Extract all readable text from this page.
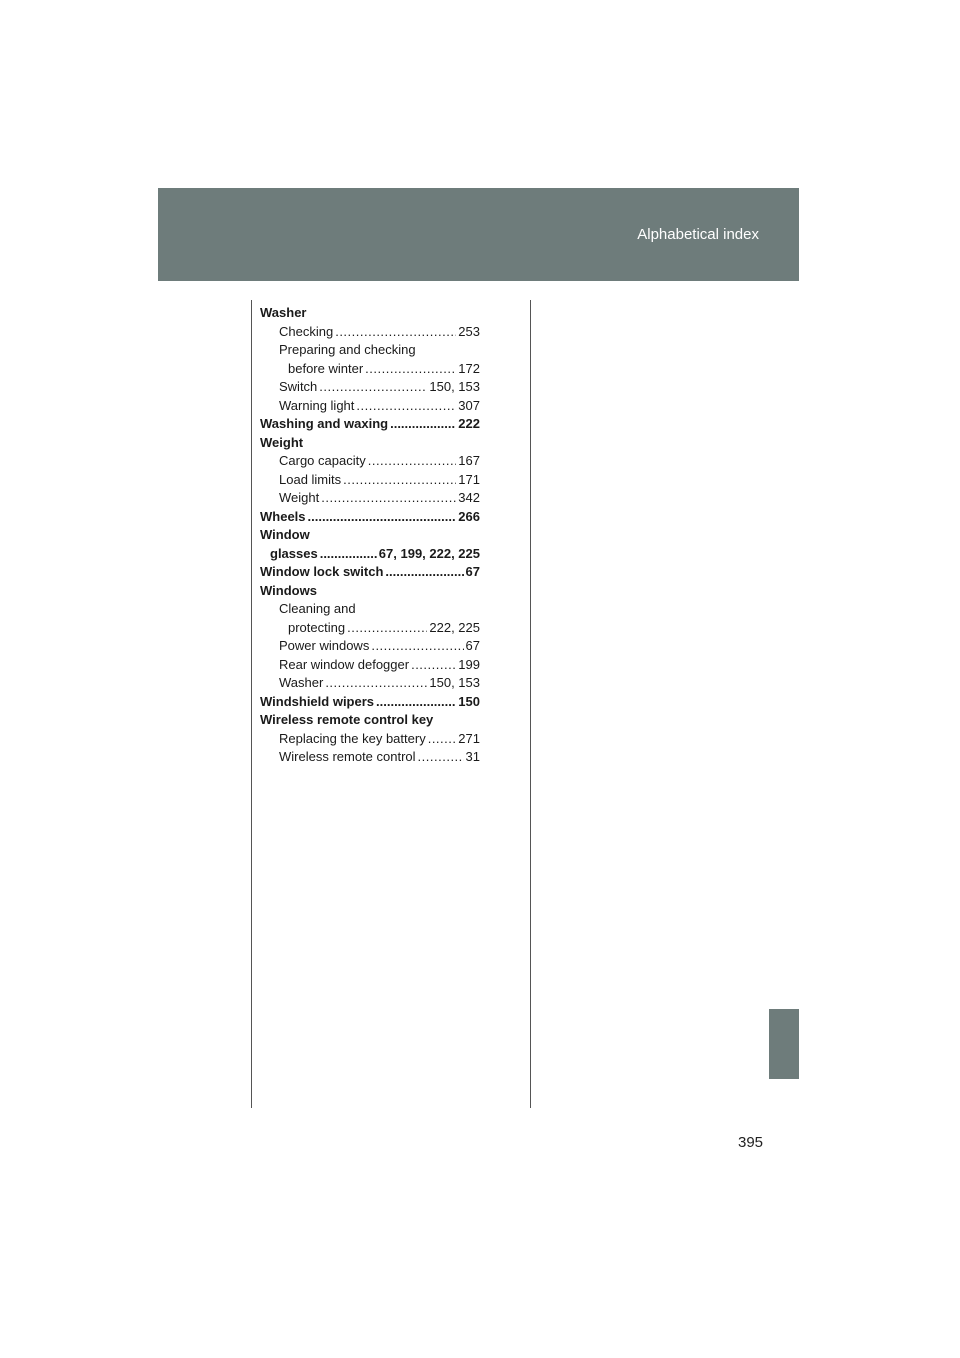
Alphabetical index
Washer
Checking .....	253
Preparing and checking
before winter .....	172
Switch .....	150, 153
Warning light .....	307
Washing and waxing .....	222
Weight
Cargo capacity .....	167
Load limits .....	171
Weight .....	342
Wheels .....	266
Window
glasses .....	67, 199, 222, 225
Window lock switch .....	67
Windows
Cleaning and
protecting .....	222, 225
Power windows .....	67
Rear window defogger .....	199
Washer .....	150, 153
Windshield wipers .....	150
Wireless remote control key
Replacing the key battery .....	271
Wireless remote control .....	31
395
